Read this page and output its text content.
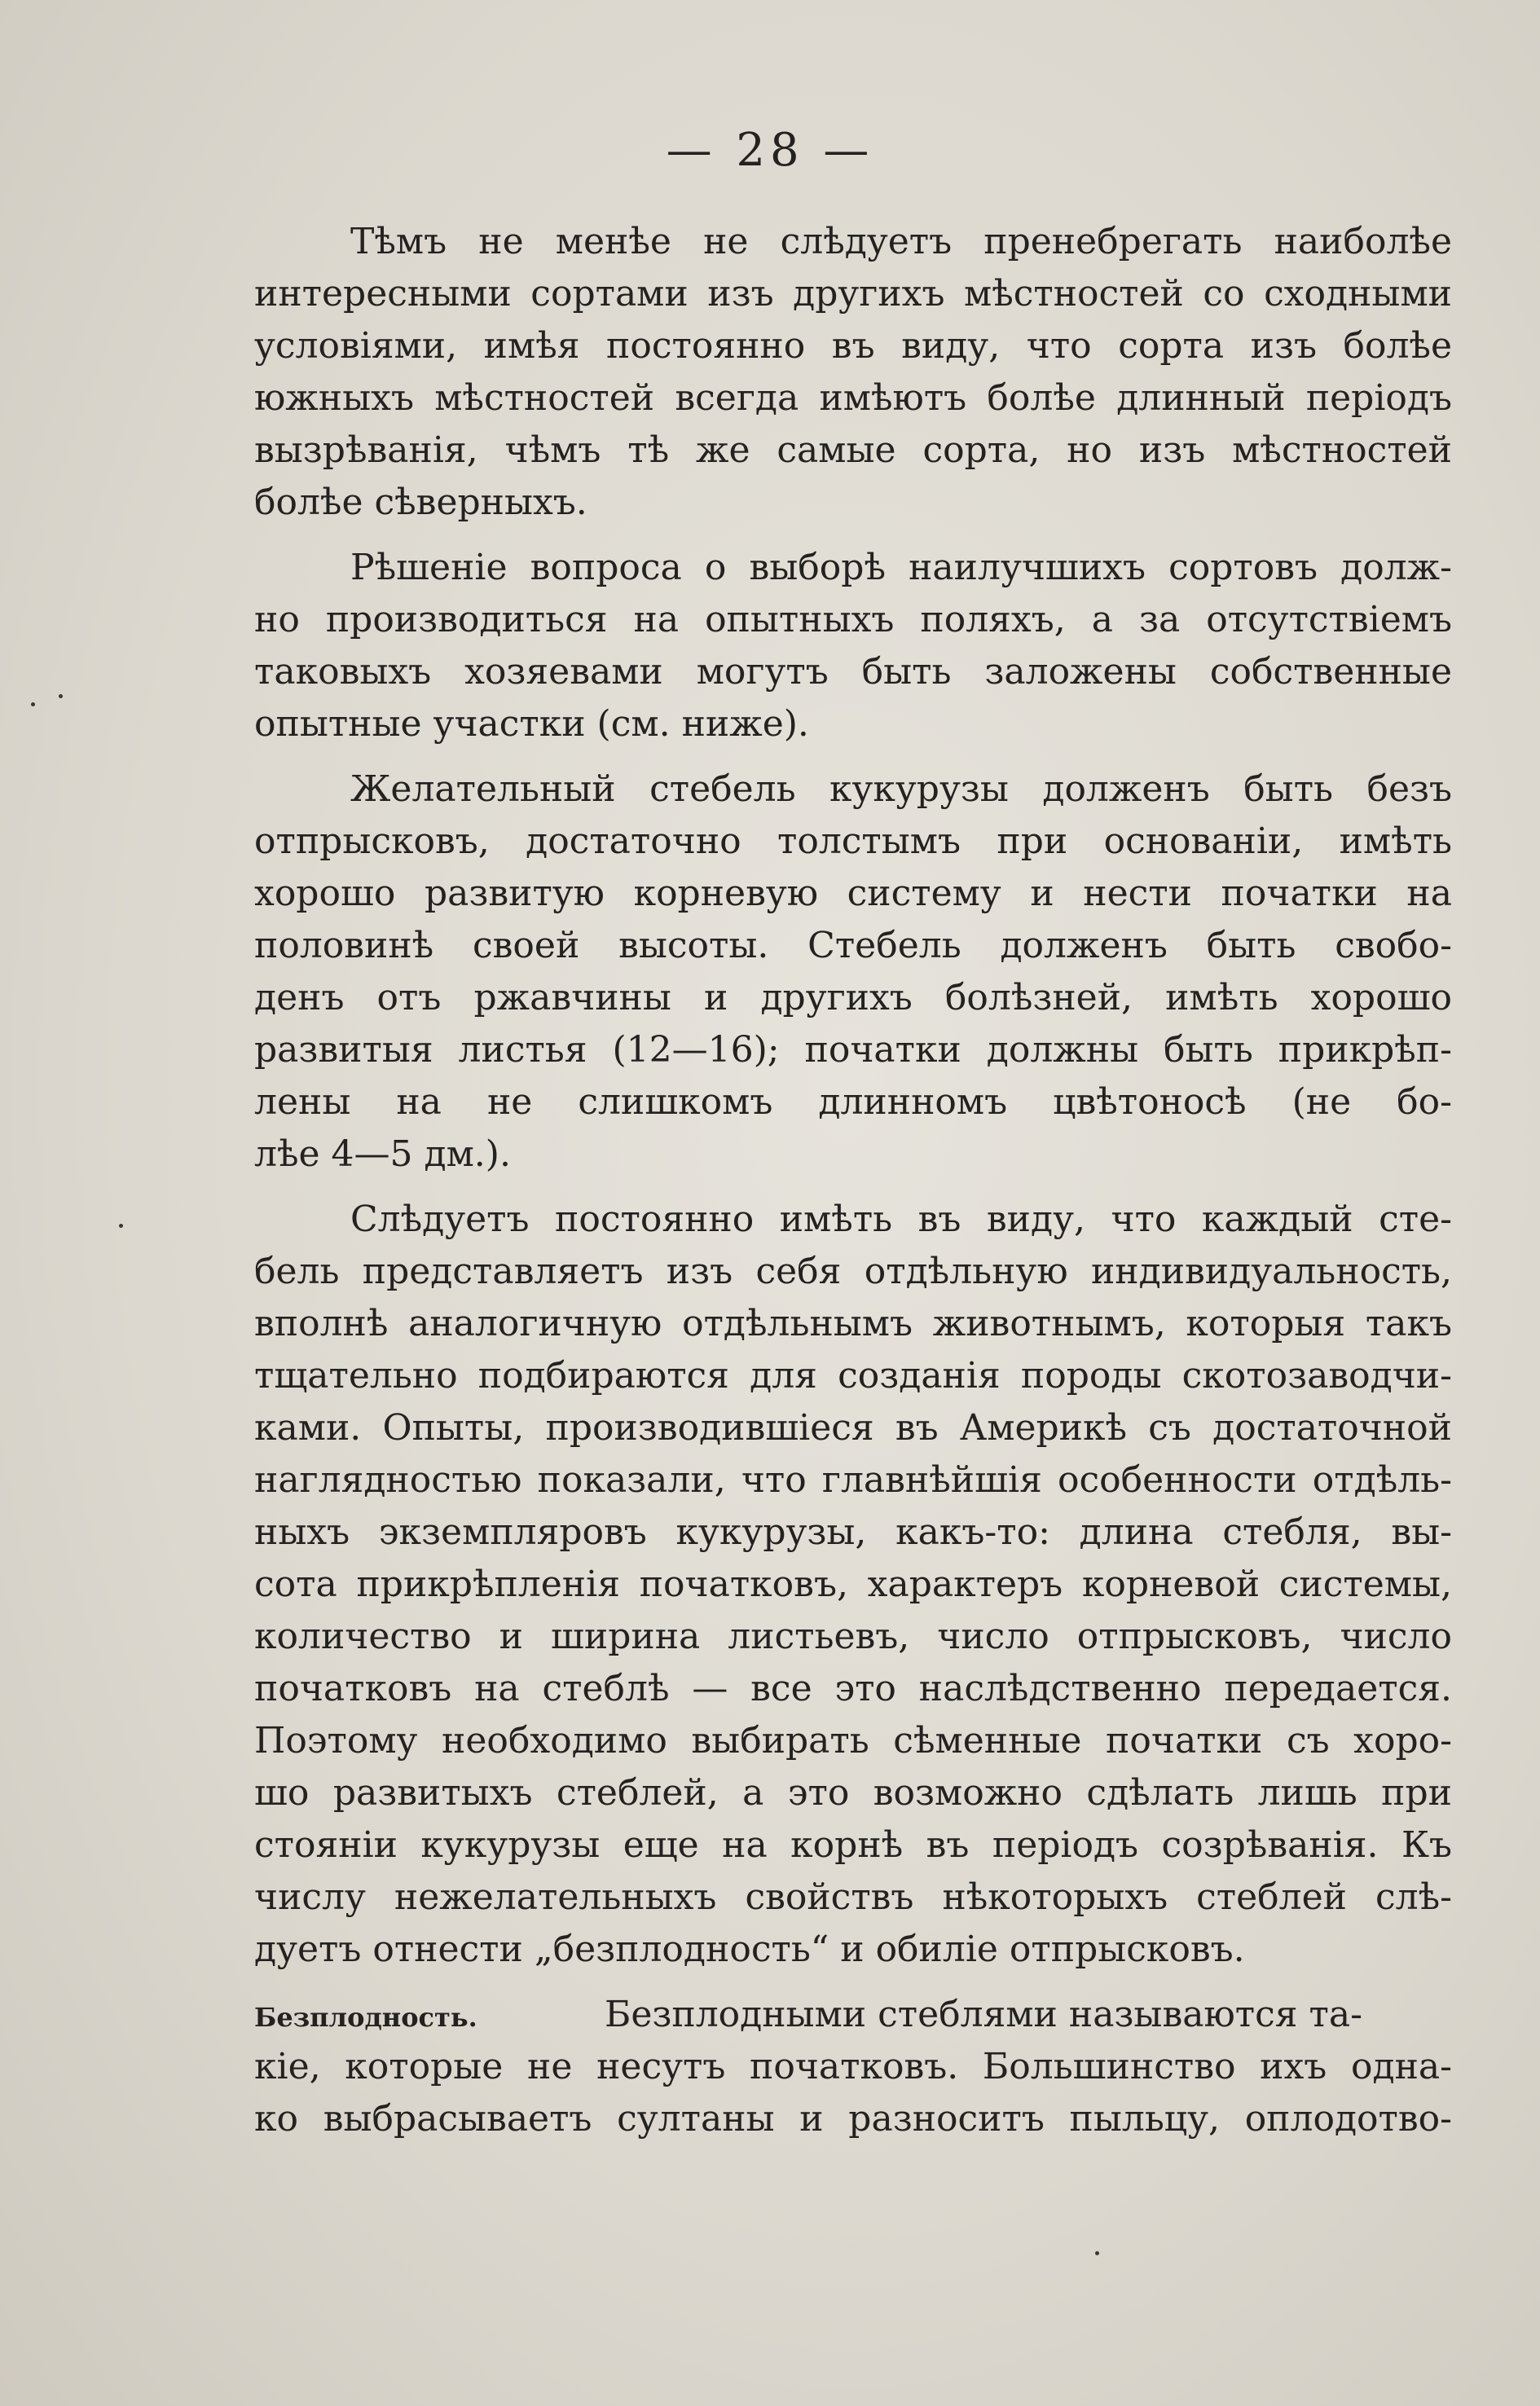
— 28 —
Тѣмъ не менѣе не слѣдуетъ пренебрегать наиболѣе
интересными сортами изъ другихъ мѣстностей со сходными
условіями, имѣя постоянно въ виду, что сорта изъ болѣе
южныхъ мѣстностей всегда имѣютъ болѣе длинный періодъ
вызрѣванія, чѣмъ тѣ же самые сорта, но изъ мѣстностей
болѣе сѣверныхъ.
Рѣшеніе вопроса о выборѣ наилучшихъ сортовъ долж-
но производиться на опытныхъ поляхъ, а за отсутствіемъ
таковыхъ хозяевами могутъ быть заложены собственные
опытные участки (см. ниже).
Желательный стебель кукурузы долженъ быть безъ
отпрысковъ, достаточно толстымъ при основаніи, имѣть
хорошо развитую корневую систему и нести початки на
половинѣ своей высоты. Стебель долженъ быть свобо-
денъ отъ ржавчины и другихъ болѣзней, имѣть хорошо
развитыя листья (12—16); початки должны быть прикрѣп-
лены на не слишкомъ длинномъ цвѣтоносѣ (не бо-
лѣе 4—5 дм.).
Слѣдуетъ постоянно имѣть въ виду, что каждый сте-
бель представляетъ изъ себя отдѣльную индивидуальность,
вполнѣ аналогичную отдѣльнымъ животнымъ, которыя такъ
тщательно подбираются для созданія породы скотозаводчи-
ками. Опыты, производившіеся въ Америкѣ съ достаточной
наглядностью показали, что главнѣйшія особенности отдѣль-
ныхъ экземпляровъ кукурузы, какъ-то: длина стебля, вы-
сота прикрѣпленія початковъ, характеръ корневой системы,
количество и ширина листьевъ, число отпрысковъ, число
початковъ на стеблѣ — все это наслѣдственно передается.
Поэтому необходимо выбирать сѣменные початки съ хоро-
шо развитыхъ стеблей, а это возможно сдѣлать лишь при
стояніи кукурузы еще на корнѣ въ періодъ созрѣванія. Къ
числу нежелательныхъ свойствъ нѣкоторыхъ стеблей слѣ-
дуетъ отнести „безплодность“ и обиліе отпрысковъ.
Безплодность.	Безплодными стеблями называются та-
кіе, которые не несутъ початковъ. Большинство ихъ одна-
ко выбрасываетъ султаны и разноситъ пыльцу, оплодотво-
